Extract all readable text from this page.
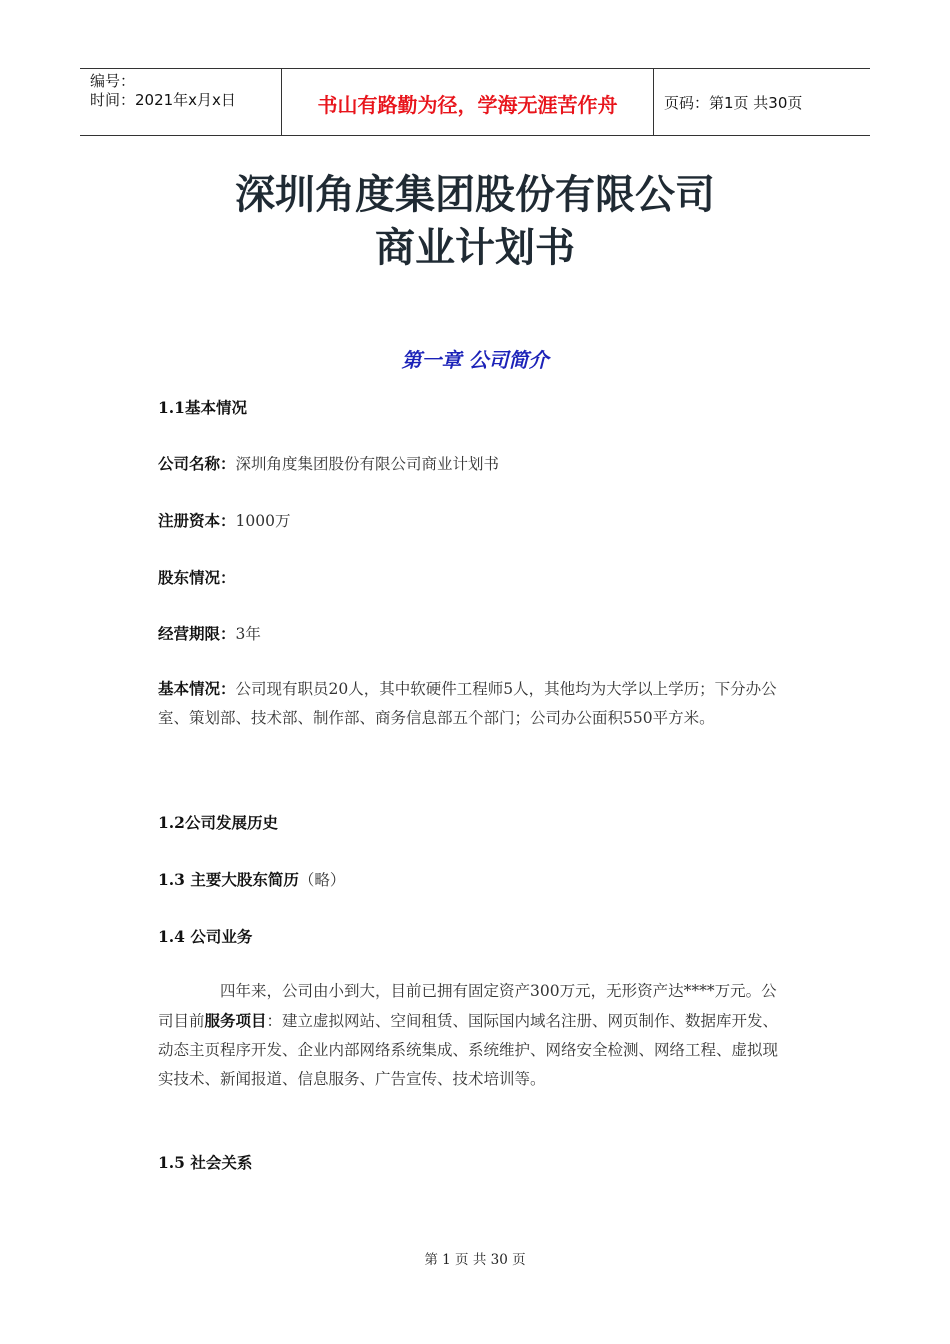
编号：
时间：2021年x月x日	书山有路勤为径，学海无涯苦作舟	页码：第1页 共30页
深圳角度集团股份有限公司
商业计划书
第一章 公司简介
1.1基本情况
公司名称：深圳角度集团股份有限公司商业计划书
注册资本：1000万
股东情况：
经营期限：3年
基本情况：公司现有职员20人，其中软硬件工程师5人，其他均为大学以上学历；下分办公室、策划部、技术部、制作部、商务信息部五个部门；公司办公面积550平方米。
1.2公司发展历史
1.3 主要大股东简历（略）
1.4 公司业务
四年来，公司由小到大，目前已拥有固定资产300万元，无形资产达****万元。公司目前服务项目：建立虚拟网站、空间租赁、国际国内域名注册、网页制作、数据库开发、动态主页程序开发、企业内部网络系统集成、系统维护、网络安全检测、网络工程、虚拟现实技术、新闻报道、信息服务、广告宣传、技术培训等。
1.5 社会关系
第 1 页 共 30 页
